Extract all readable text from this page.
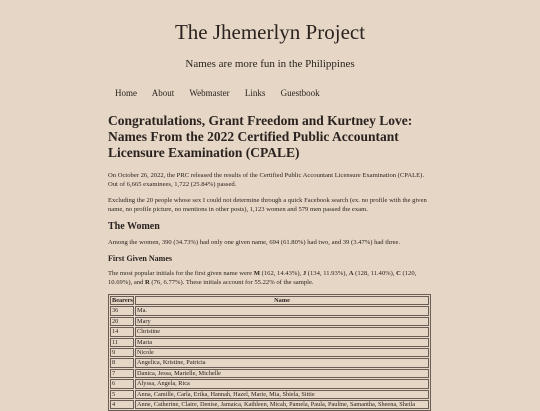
The Jhemerlyn Project
Names are more fun in the Philippines
Home About Webmaster Links Guestbook
Congratulations, Grant Freedom and Kurtney Love: Names From the 2022 Certified Public Accountant Licensure Examination (CPALE)

On October 26, 2022, the PRC released the results of the Certified Public Accountant Licensure Examination (CPALE). Out of 6,665 examinees, 1,722 (25.84%) passed.

Excluding the 20 people whose sex I could not determine through a quick Facebook search (ex. no profile with the given name, no profile picture, no mentions in other posts), 1,123 women and 579 men passed the exam.

The Women

Among the women, 390 (34.73%) had only one given name, 694 (61.80%) had two, and 39 (3.47%) had three.

First Given Names

The most popular initials for the first given name were M (162, 14.43%), J (134, 11.93%), A (128, 11.40%), C (120, 10.69%), and R (76, 6.77%). These initials account for 55.22% of the sample.

Bearers	Name
36	Ma.
20	Mary
14	Christine
11	Maria
9	Nicole
8	Angelica, Kristine, Patricia
7	Danica, Jessa, Marielle, Michelle
6	Alyssa, Angela, Rica
5	Anna, Camille, Carla, Erika, Hannah, Hazel, Marie, Mia, Shiela, Sittie
4	Anne, Catherine, Claire, Denise, Jamaica, Kathleen, Micah, Pamela, Paula, Pauline, Samantha, Sheena, Sheila
